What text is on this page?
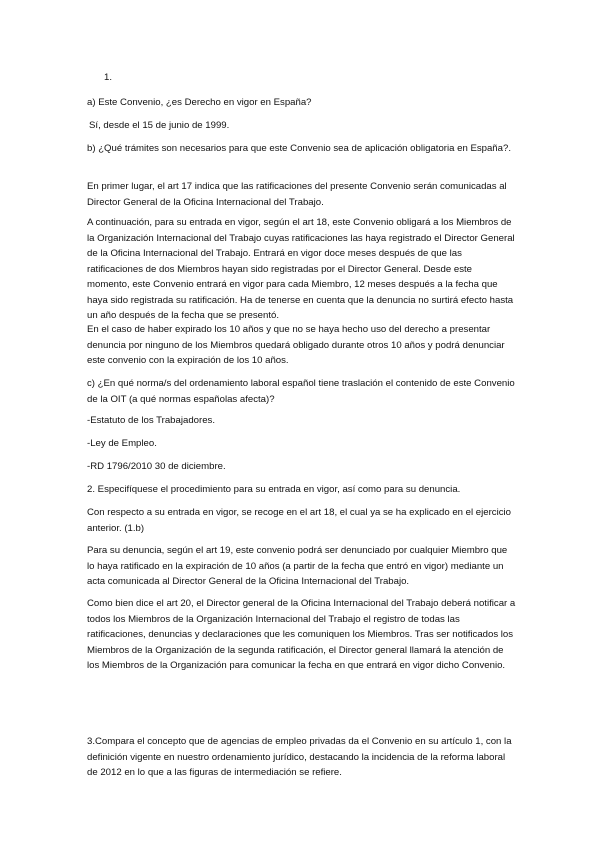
1.

a) Este Convenio, ¿es Derecho en vigor en España?

Sí, desde el 15 de junio de 1999.

b) ¿Qué trámites son necesarios para que este Convenio sea de aplicación obligatoria en España?.

En primer lugar, el art 17 indica que las ratificaciones del presente Convenio serán comunicadas al Director General de la Oficina Internacional del Trabajo.

A continuación, para su entrada en vigor, según el art 18, este Convenio obligará a los Miembros de la Organización Internacional del Trabajo cuyas ratificaciones las haya registrado el Director General de la Oficina Internacional del Trabajo. Entrará en vigor doce meses después de que las ratificaciones de dos Miembros hayan sido registradas por el Director General. Desde este momento, este Convenio entrará en vigor para cada Miembro, 12 meses después a la fecha que haya sido registrada su ratificación. Ha de tenerse en cuenta que la denuncia no surtirá efecto hasta un año después de la fecha que se presentó.

En el caso de haber expirado los 10 años y que no se haya hecho uso del derecho a presentar denuncia por ninguno de los Miembros quedará obligado durante otros 10 años y podrá denunciar este convenio con la expiración de los 10 años.

c) ¿En qué norma/s del ordenamiento laboral español tiene traslación el contenido de este Convenio de la OIT (a qué normas españolas afecta)?

-Estatuto de los Trabajadores.

-Ley de Empleo.

-RD 1796/2010 30 de diciembre.

2. Especifíquese el procedimiento para su entrada en vigor, así como para su denuncia.

Con respecto a su entrada en vigor, se recoge en el art 18, el cual ya se ha explicado en el ejercicio anterior. (1.b)

Para su denuncia, según el art 19, este convenio podrá ser denunciado por cualquier Miembro que lo haya ratificado en la expiración de 10 años (a partir de la fecha que entró en vigor) mediante un acta comunicada al Director General de la Oficina Internacional del Trabajo.

Como bien dice el art 20, el Director general de la Oficina Internacional del Trabajo deberá notificar a todos los Miembros de la Organización Internacional del Trabajo el registro de todas las ratificaciones, denuncias y declaraciones que les comuniquen los Miembros. Tras ser notificados los Miembros de la Organización de la segunda ratificación, el Director general llamará la atención de los Miembros de la Organización para comunicar la fecha en que entrará en vigor dicho Convenio.

3.Compara el concepto que de agencias de empleo privadas da el Convenio en su artículo 1, con la definición vigente en nuestro ordenamiento jurídico, destacando la incidencia de la reforma laboral de 2012 en lo que a las figuras de intermediación se refiere.
